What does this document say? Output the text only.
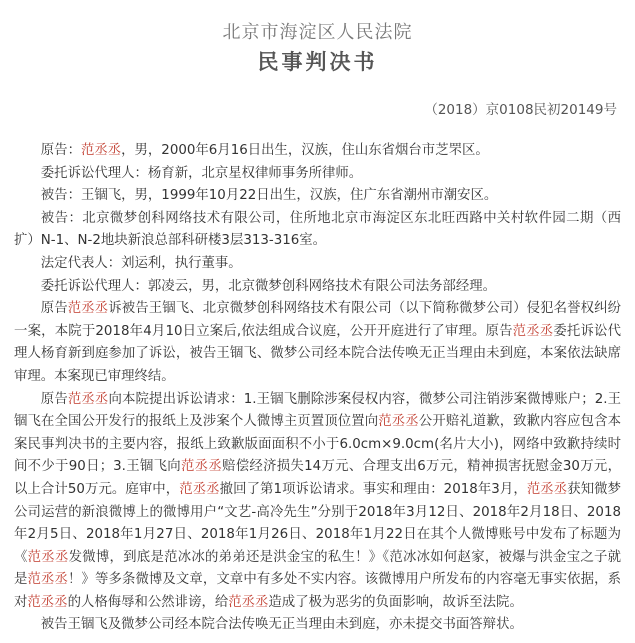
北京市海淀区人民法院
民事判决书
（2018）京0108民初20149号

原告：范丞丞，男，2000年6月16日出生，汉族，住山东省烟台市芝罘区。

委托诉讼代理人：杨育新，北京星权律师事务所律师。

被告：王锢飞，男，1999年10月22日出生，汉族，住广东省潮州市潮安区。

被告：北京微梦创科网络技术有限公司，住所地北京市海淀区东北旺西路中关村软件园二期（西扩）N-1、N-2地块新浪总部科研楼3层313-316室。

法定代表人：刘运利，执行董事。

委托诉讼代理人：郭凌云，男，北京微梦创科网络技术有限公司法务部经理。

原告范丞丞诉被告王锢飞、北京微梦创科网络技术有限公司（以下简称微梦公司）侵犯名誉权纠纷一案，本院于2018年4月10日立案后,依法组成合议庭，公开开庭进行了审理。原告范丞丞委托诉讼代理人杨育新到庭参加了诉讼，被告王锢飞、微梦公司经本院合法传唤无正当理由未到庭，本案依法缺席审理。本案现已审理终结。

原告范丞丞向本院提出诉讼请求：1.王锢飞删除涉案侵权内容，微梦公司注销涉案微博账户；2.王锢飞在全国公开发行的报纸上及涉案个人微博主页置顶位置向范丞丞公开赔礼道歉，致歉内容应包含本案民事判决书的主要内容，报纸上致歉版面面积不小于6.0cm×9.0cm(名片大小)，网络中致歉持续时间不少于90日；3.王锢飞向范丞丞赔偿经济损失14万元、合理支出6万元，精神损害抚慰金30万元，以上合计50万元。庭审中，范丞丞撤回了第1项诉讼请求。事实和理由：2018年3月，范丞丞获知微梦公司运营的新浪微博上的微博用户“文艺-高冷先生”分别于2018年3月12日、2018年2月18日、2018年2月5日、2018年1月27日、2018年1月26日、2018年1月22日在其个人微博账号中发布了标题为《范丞丞发微博，到底是范冰冰的弟弟还是洪金宝的私生！》《范冰冰如何赵家，被爆与洪金宝之子就是范丞丞！》等多条微博及文章，文章中有多处不实内容。该微博用户所发布的内容毫无事实依据，系对范丞丞的人格侮辱和公然诽谤，给范丞丞造成了极为恶劣的负面影响，故诉至法院。

被告王锢飞及微梦公司经本院合法传唤无正当理由未到庭，亦未提交书面答辩状。
